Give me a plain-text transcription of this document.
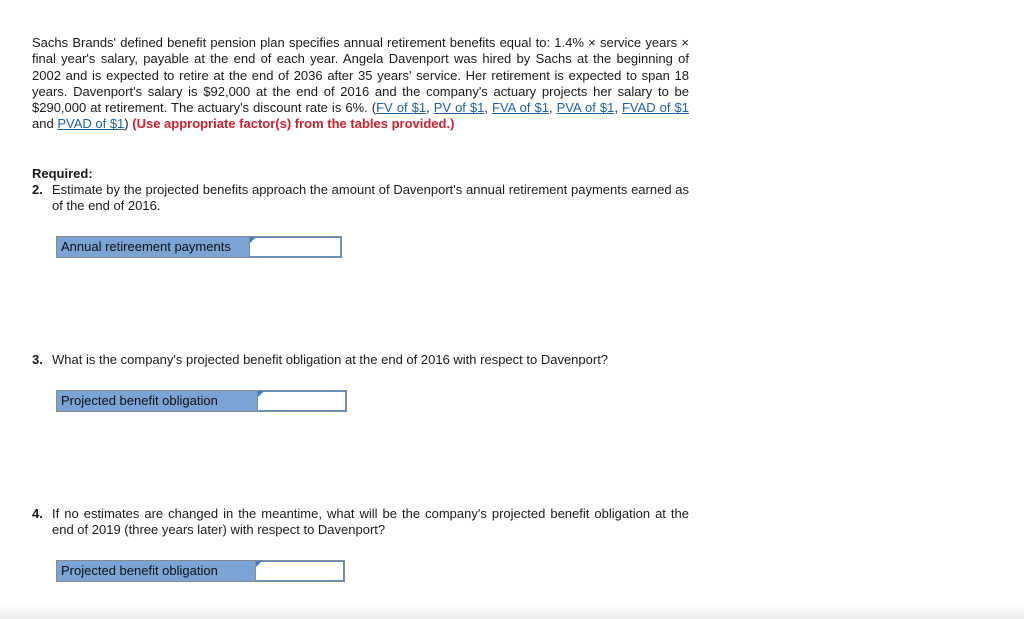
Sachs Brands' defined benefit pension plan specifies annual retirement benefits equal to: 1.4% × service years × final year's salary, payable at the end of each year. Angela Davenport was hired by Sachs at the beginning of 2002 and is expected to retire at the end of 2036 after 35 years' service. Her retirement is expected to span 18 years. Davenport's salary is $92,000 at the end of 2016 and the company's actuary projects her salary to be $290,000 at retirement. The actuary's discount rate is 6%. (FV of $1, PV of $1, FVA of $1, PVA of $1, FVAD of $1 and PVAD of $1) (Use appropriate factor(s) from the tables provided.)
Required:
2. Estimate by the projected benefits approach the amount of Davenport's annual retirement payments earned as of the end of 2016.
Annual retireement payments
3. What is the company's projected benefit obligation at the end of 2016 with respect to Davenport?
Projected benefit obligation
4. If no estimates are changed in the meantime, what will be the company's projected benefit obligation at the end of 2019 (three years later) with respect to Davenport?
Projected benefit obligation
